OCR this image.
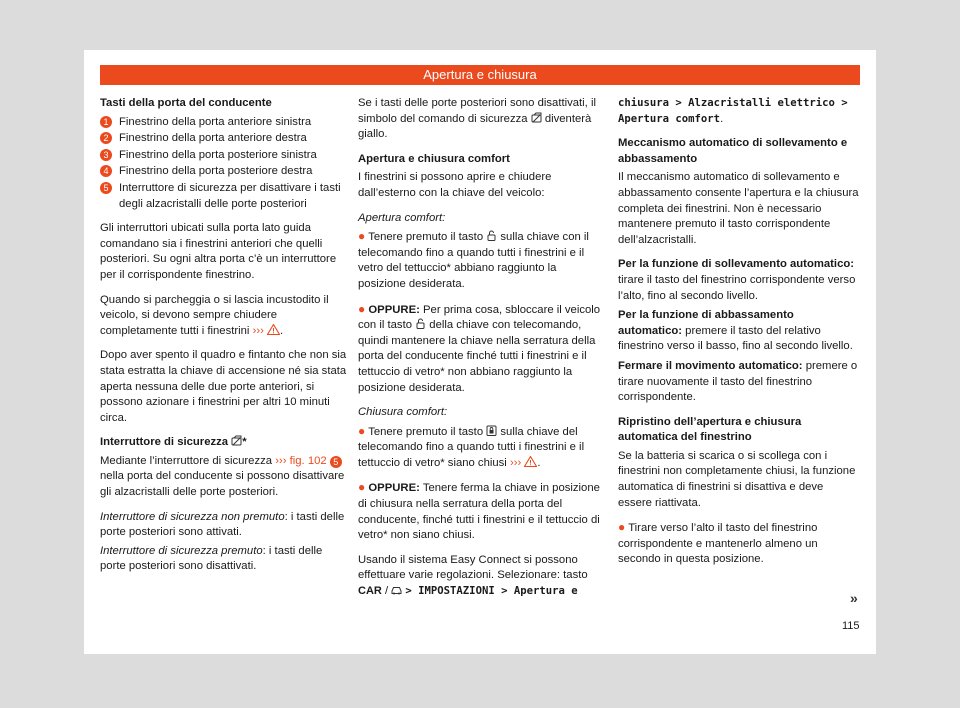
Apertura e chiusura

Tasti della porta del conducente

1 Finestrino della porta anteriore sinistra
2 Finestrino della porta anteriore destra
3 Finestrino della porta posteriore sinistra
4 Finestrino della porta posteriore destra
5 Interruttore di sicurezza per disattivare i tasti degli alzacristalli delle porte posteriori

Gli interruttori ubicati sulla porta lato guida comandano sia i finestrini anteriori che quelli posteriori. Su ogni altra porta c’è un interruttore per il corrispondente finestrino.

Quando si parcheggia o si lascia incustodito il veicolo, si devono sempre chiudere completamente tutti i finestrini ››› .

Dopo aver spento il quadro e fintanto che non sia stata estratta la chiave di accensione né sia stata aperta nessuna delle due porte anteriori, si possono azionare i finestrini per altri 10 minuti circa.

Interruttore di sicurezza *

Mediante l’interruttore di sicurezza ››› fig. 102 5nella porta del conducente si possono disattivare gli alzacristalli delle porte posteriori.

Interruttore di sicurezza non premuto: i tasti delle porte posteriori sono attivati.

Interruttore di sicurezza premuto: i tasti delle porte posteriori sono disattivati.

Se i tasti delle porte posteriori sono disattivati, il simbolo del comando di sicurezza diventerà giallo.

Apertura e chiusura comfort

I finestrini si possono aprire e chiudere dall’esterno con la chiave del veicolo:

Apertura comfort:

● Tenere premuto il tasto sulla chiave con il telecomando fino a quando tutti i finestrini e il vetro del tettuccio* abbiano raggiunto la posizione desiderata.

● OPPURE: Per prima cosa, sbloccare il veicolo con il tasto della chiave con telecomando, quindi mantenere la chiave nella serratura della porta del conducente finché tutti i finestrini e il tettuccio di vetro* non abbiano raggiunto la posizione desiderata.

Chiusura comfort:

● Tenere premuto il tasto sulla chiave del telecomando fino a quando tutti i finestrini e il tettuccio di vetro* siano chiusi ››› .

● OPPURE: Tenere ferma la chiave in posizione di chiusura nella serratura della porta del conducente, finché tutti i finestrini e il tettuccio di vetro* non siano chiusi.

Usando il sistema Easy Connect si possono effettuare varie regolazioni. Selezionare: tasto
CAR / > IMPOSTAZIONI > Apertura e

chiusura > Alzacristalli elettrico > Apertura comfort.

Meccanismo automatico di sollevamento e abbassamento

Il meccanismo automatico di sollevamento e abbassamento consente l’apertura e la chiusura completa dei finestrini. Non è necessario mantenere premuto il tasto corrispondente dell’alzacristalli.

Per la funzione di sollevamento automatico: tirare il tasto del finestrino corrispondente verso l’alto, fino al secondo livello.

Per la funzione di abbassamento automatico: premere il tasto del relativo finestrino verso il basso, fino al secondo livello.

Fermare il movimento automatico: premere o tirare nuovamente il tasto del finestrino corrispondente.

Ripristino dell’apertura e chiusura automatica del finestrino

Se la batteria si scarica o si scollega con i finestrini non completamente chiusi, la funzione automatica di finestrini si disattiva e deve essere riattivata.

● Tirare verso l’alto il tasto del finestrino corrispondente e mantenerlo almeno un secondo in questa posizione.

»
115
